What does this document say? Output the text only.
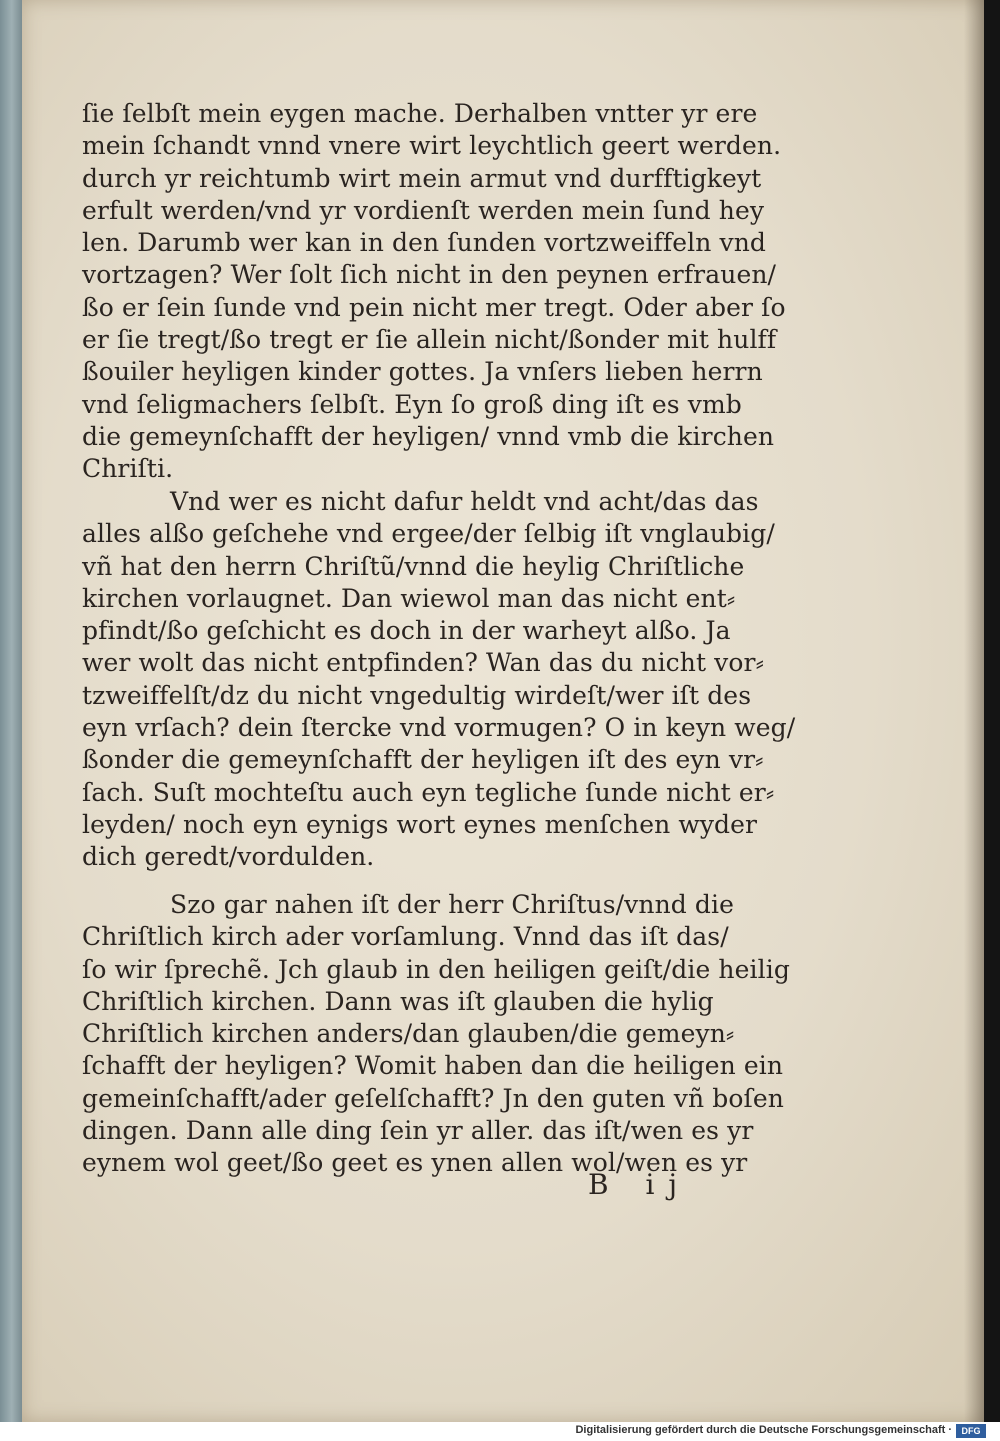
ſie ſelbſt mein eygen mache. Derhalben vntter yr ere
mein ſchandt vnnd vnere wirt leychtlich geert werden.
durch yr reichtumb wirt mein armut vnd durfftigkeyt
erfult werden/vnd yr vordienſt werden mein ſund hey
len. Darumb wer kan in den ſunden vortzweiffeln vnd
vortzagen? Wer ſolt ſich nicht in den peynen erfrauen/
ßo er ſein ſunde vnd pein nicht mer tregt. Oder aber ſo
er ſie tregt/ßo tregt er ſie allein nicht/ßonder mit hulff
ßouiler heyligen kinder gottes. Ja vnſers lieben herrn
vnd ſeligmachers ſelbſt. Eyn ſo groß ding iſt es vmb
die gemeynſchafft der heyligen/ vnnd vmb die kirchen
Chriſti.
Vnd wer es nicht dafur heldt vnd acht/das das
alles alßo geſchehe vnd ergee/der ſelbig iſt vnglaubig/
vñ hat den herrn Chriſtũ/vnnd die heylig Chriſtliche
kirchen vorlaugnet. Dan wiewol man das nicht ent⸗
pfindt/ßo geſchicht es doch in der warheyt alßo. Ja
wer wolt das nicht entpfinden? Wan das du nicht vor⸗
tzweiffelſt/dz du nicht vngedultig wirdeſt/wer iſt des
eyn vrſach? dein ſtercke vnd vormugen? O in keyn weg/
ßonder die gemeynſchafft der heyligen iſt des eyn vr⸗
ſach. Suſt mochteſtu auch eyn tegliche ſunde nicht er⸗
leyden/ noch eyn eynigs wort eynes menſchen wyder
dich geredt/vordulden.
Szo gar nahen iſt der herr Chriſtus/vnnd die
Chriſtlich kirch ader vorſamlung. Vnnd das iſt das/
ſo wir ſprechẽ. Jch glaub in den heiligen geiſt/die heilig
Chriſtlich kirchen. Dann was iſt glauben die hylig
Chriſtlich kirchen anders/dan glauben/die gemeyn⸗
ſchafft der heyligen? Womit haben dan die heiligen ein
gemeinſchafft/ader geſelſchafft? Jn den guten vñ boſen
dingen. Dann alle ding ſein yr aller. das iſt/wen es yr
eynem wol geet/ßo geet es ynen allen wol/wen es yr
B ij
Digitalisierung gefördert durch die Deutsche Forschungsgemeinschaft ·	DFG
